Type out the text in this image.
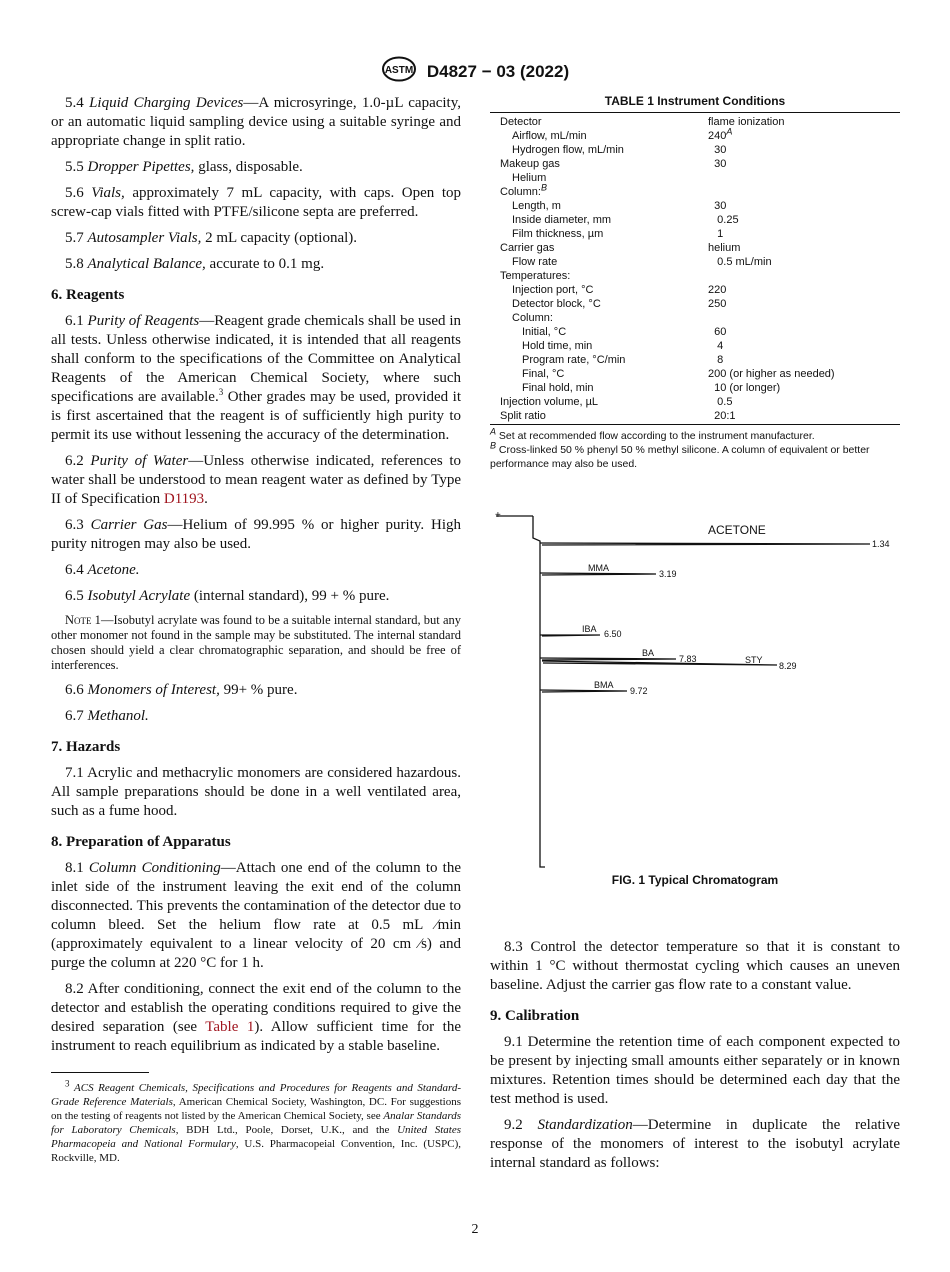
ASTM D4827 − 03 (2022)

5.4 Liquid Charging Devices—A microsyringe, 1.0-µL capacity, or an automatic liquid sampling device using a suitable syringe and appropriate change in split ratio.

5.5 Dropper Pipettes, glass, disposable.

5.6 Vials, approximately 7 mL capacity, with caps. Open top screw-cap vials fitted with PTFE/silicone septa are preferred.

5.7 Autosampler Vials, 2 mL capacity (optional).

5.8 Analytical Balance, accurate to 0.1 mg.

6. Reagents

6.1 Purity of Reagents—Reagent grade chemicals shall be used in all tests. Unless otherwise indicated, it is intended that all reagents shall conform to the specifications of the Committee on Analytical Reagents of the American Chemical Society, where such specifications are available.$^3$ Other grades may be used, provided it is first ascertained that the reagent is of sufficiently high purity to permit its use without lessening the accuracy of the determination.

6.2 Purity of Water—Unless otherwise indicated, references to water shall be understood to mean reagent water as defined by Type II of Specification D1193.

6.3 Carrier Gas—Helium of 99.995 % or higher purity. High purity nitrogen may also be used.

6.4 Acetone.

6.5 Isobutyl Acrylate (internal standard), 99 + % pure.

Note 1—Isobutyl acrylate was found to be a suitable internal standard, but any other monomer not found in the sample may be substituted. The internal standard chosen should yield a clear chromatographic separation, and should be free of interferences.

6.6 Monomers of Interest, 99+ % pure.

6.7 Methanol.

7. Hazards

7.1 Acrylic and methacrylic monomers are considered hazardous. All sample preparations should be done in a well ventilated area, such as a fume hood.

8. Preparation of Apparatus

8.1 Column Conditioning—Attach one end of the column to the inlet side of the instrument leaving the exit end of the column disconnected. This prevents the contamination of the detector due to column bleed. Set the helium flow rate at 0.5 mL ⁄min (approximately equivalent to a linear velocity of 20 cm ⁄s) and purge the column at 220 °C for 1 h.

8.2 After conditioning, connect the exit end of the column to the detector and establish the operating conditions required to give the desired separation (see Table 1). Allow sufficient time for the instrument to reach equilibrium as indicated by a stable baseline.

$^3$ ACS Reagent Chemicals, Specifications and Procedures for Reagents and Standard-Grade Reference Materials, American Chemical Society, Washington, DC. For suggestions on the testing of reagents not listed by the American Chemical Society, see Analar Standards for Laboratory Chemicals, BDH Ltd., Poole, Dorset, U.K., and the United States Pharmacopeia and National Formulary, U.S. Pharmacopeial Convention, Inc. (USPC), Rockville, MD.

TABLE 1 Instrument Conditions
Detector	flame ionization
Airflow, mL/min	$240^A$
Hydrogen flow, mL/min	30
Makeup gas	30
Helium
Column:$^B$
Length, m	30
Inside diameter, mm	0.25
Film thickness, µm	1
Carrier gas	helium
Flow rate	0.5 mL/min
Temperatures:
Injection port, °C	220
Detector block, °C	250
Column:
Initial, °C	60
Hold time, min	4
Program rate, °C/min	8
Final, °C	200 (or higher as needed)
Final hold, min	10 (or longer)
Injection volume, µL	0.5
Split ratio	20:1
A Set at recommended flow according to the instrument manufacturer.
B Cross-linked 50 % phenyl 50 % methyl silicone. A column of equivalent or better performance may also be used.
+
ACETONE
1.34
MMA
3.19
IBA 6.50
BA
7.83	STY
8.29
BMA
9.72
FIG. 1 Typical Chromatogram

8.3 Control the detector temperature so that it is constant to within 1 °C without thermostat cycling which causes an uneven baseline. Adjust the carrier gas flow rate to a constant value.

9. Calibration

9.1 Determine the retention time of each component expected to be present by injecting small amounts either separately or in known mixtures. Retention times should be determined each day that the test method is used.

9.2 Standardization—Determine in duplicate the relative response of the monomers of interest to the isobutyl acrylate internal standard as follows:

2
